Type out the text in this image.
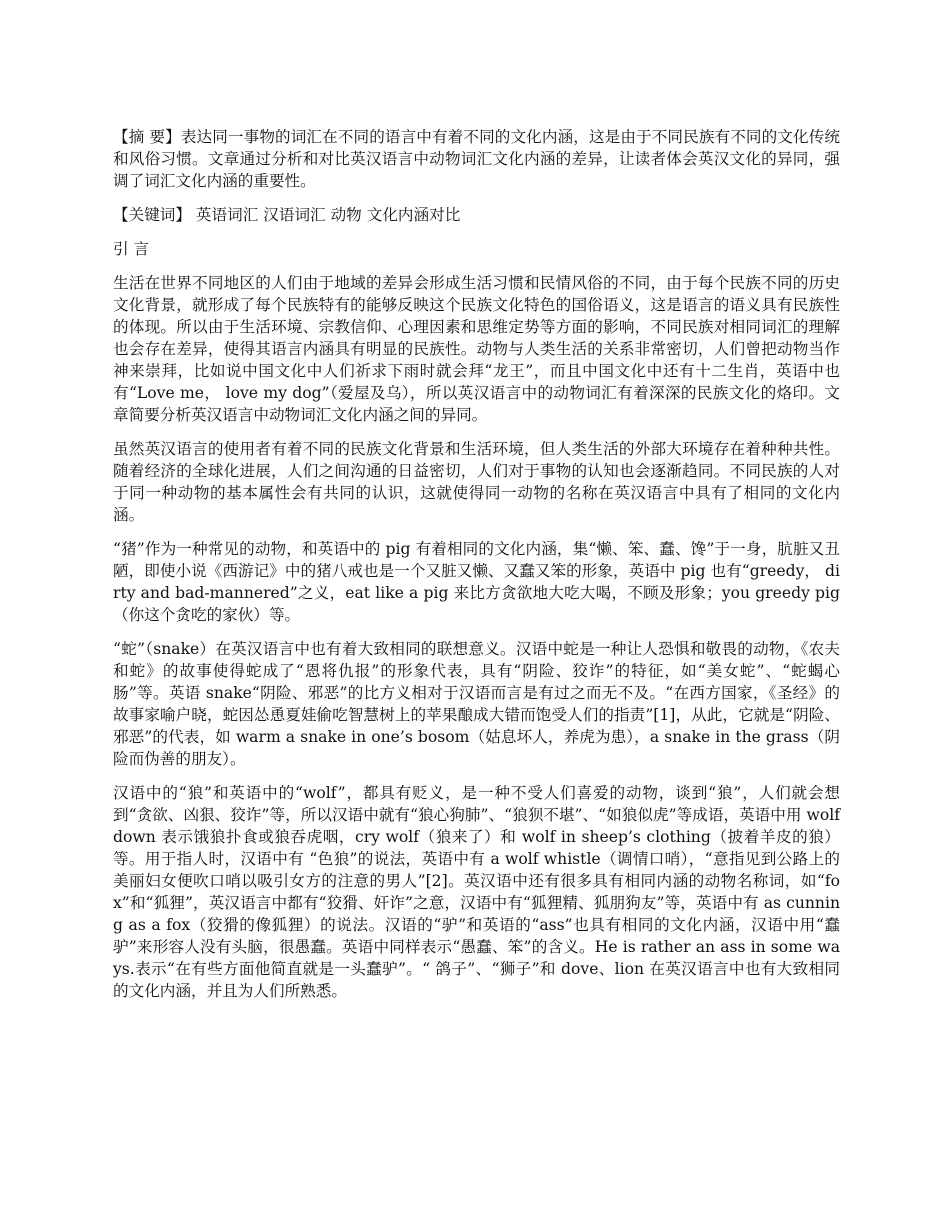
【摘 要】表达同一事物的词汇在不同的语言中有着不同的文化内涵，这是由于不同民族有不同的文化传统和风俗习惯。文章通过分析和对比英汉语言中动物词汇文化内涵的差异，让读者体会英汉文化的异同，强调了词汇文化内涵的重要性。

【关键词】 英语词汇 汉语词汇 动物 文化内涵对比

引 言

生活在世界不同地区的人们由于地域的差异会形成生活习惯和民情风俗的不同，由于每个民族不同的历史文化背景，就形成了每个民族特有的能够反映这个民族文化特色的国俗语义，这是语言的语义具有民族性的体现。所以由于生活环境、宗教信仰、心理因素和思维定势等方面的影响，不同民族对相同词汇的理解也会存在差异，使得其语言内涵具有明显的民族性。动物与人类生活的关系非常密切，人们曾把动物当作神来崇拜，比如说中国文化中人们祈求下雨时就会拜“龙王”，而且中国文化中还有十二生肖，英语中也有“Love me， love my dog”（爱屋及乌），所以英汉语言中的动物词汇有着深深的民族文化的烙印。文章简要分析英汉语言中动物词汇文化内涵之间的异同。

虽然英汉语言的使用者有着不同的民族文化背景和生活环境，但人类生活的外部大环境存在着种种共性。随着经济的全球化进展，人们之间沟通的日益密切，人们对于事物的认知也会逐渐趋同。不同民族的人对于同一种动物的基本属性会有共同的认识，这就使得同一动物的名称在英汉语言中具有了相同的文化内涵。

“猪”作为一种常见的动物，和英语中的 pig 有着相同的文化内涵，集“懒、笨、蠢、馋”于一身，肮脏又丑陋，即使小说《西游记》中的猪八戒也是一个又脏又懒、又蠢又笨的形象，英语中 pig 也有“greedy， dirty and bad-mannered”之义，eat like a pig 来比方贪欲地大吃大喝，不顾及形象；you greedy pig（你这个贪吃的家伙）等。

“蛇”（snake）在英汉语言中也有着大致相同的联想意义。汉语中蛇是一种让人恐惧和敬畏的动物，《农夫和蛇》的故事使得蛇成了“恩将仇报”的形象代表，具有“阴险、狡诈”的特征，如“美女蛇”、“蛇蝎心肠”等。英语 snake“阴险、邪恶”的比方义相对于汉语而言是有过之而无不及。“在西方国家，《圣经》的故事家喻户晓，蛇因怂恿夏娃偷吃智慧树上的苹果酿成大错而饱受人们的指责”[1]，从此，它就是“阴险、邪恶”的代表，如 warm a snake in one’s bosom（姑息坏人，养虎为患），a snake in the grass（阴险而伪善的朋友）。

汉语中的“狼”和英语中的“wolf”，都具有贬义，是一种不受人们喜爱的动物，谈到“狼”，人们就会想到“贪欲、凶狠、狡诈”等，所以汉语中就有“狼心狗肺”、“狼狈不堪”、“如狼似虎”等成语，英语中用 wolf down 表示饿狼扑食或狼吞虎咽，cry wolf（狼来了）和 wolf in sheep’s clothing（披着羊皮的狼）等。用于指人时，汉语中有 “色狼”的说法，英语中有 a wolf whistle（调情口哨），“意指见到公路上的美丽妇女便吹口哨以吸引女方的注意的男人”[2]。英汉语中还有很多具有相同内涵的动物名称词，如“fox”和“狐狸”，英汉语言中都有“狡猾、奸诈”之意，汉语中有“狐狸精、狐朋狗友”等，英语中有 as cunning as a fox（狡猾的像狐狸）的说法。汉语的“驴”和英语的“ass”也具有相同的文化内涵，汉语中用“蠢驴”来形容人没有头脑，很愚蠢。英语中同样表示“愚蠢、笨”的含义。He is rather an ass in some ways.表示“在有些方面他简直就是一头蠢驴”。“ 鸽子”、“狮子”和 dove、lion 在英汉语言中也有大致相同的文化内涵，并且为人们所熟悉。
